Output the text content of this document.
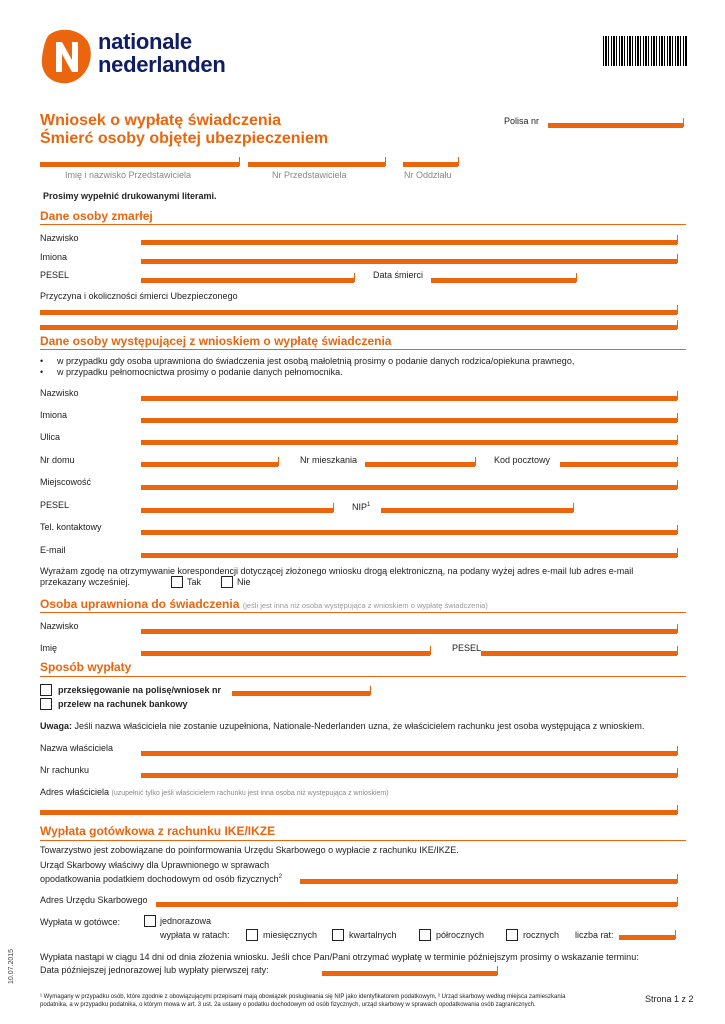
nationale
nederlanden
Wniosek o wypłatę świadczenia
Śmierć osoby objętej ubezpieczeniem
Polisa nr
Imię i nazwisko Przedstawiciela	Nr Przedstawiciela	Nr Oddziału
Prosimy wypełnić drukowanymi literami.
Dane osoby zmarłej
Nazwisko
Imiona
PESEL	Data śmierci
Przyczyna i okoliczności śmierci Ubezpieczonego
Dane osoby występującej z wnioskiem o wypłatę świadczenia
• w przypadku gdy osoba uprawniona do świadczenia jest osobą małoletnią prosimy o podanie danych rodzica/opiekuna prawnego,
• w przypadku pełnomocnictwa prosimy o podanie danych pełnomocnika.
Nazwisko
Imiona
Ulica
Nr domu	Nr mieszkania	Kod pocztowy
Miejscowość
PESEL	NIP$^1$
Tel. kontaktowy
E-mail
Wyrażam zgodę na otrzymywanie korespondencji dotyczącej złożonego wniosku drogą elektroniczną, na podany wyżej adres e-mail lub adres e-mail
przekazany wcześniej.	Tak	Nie
Osoba uprawniona do świadczenia (jeśli jest inna niż osoba występująca z wnioskiem o wypłatę świadczenia)
Nazwisko
Imię	PESEL
Sposób wypłaty
przeksięgowanie na polisę/wniosek nr
przelew na rachunek bankowy
Uwaga: Jeśli nazwa właściciela nie zostanie uzupełniona, Nationale-Nederlanden uzna, że właścicielem rachunku jest osoba występująca z wnioskiem.
Nazwa właściciela
Nr rachunku
Adres właściciela (uzupełnić tylko jeśli właścicielem rachunku jest inna osoba niż występująca z wnioskiem)
Wypłata gotówkowa z rachunku IKE/IKZE
Towarzystwo jest zobowiązane do poinformowania Urzędu Skarbowego o wypłacie z rachunku IKE/IKZE.
Urząd Skarbowy właściwy dla Uprawnionego w sprawach
opodatkowania podatkiem dochodowym od osób fizycznych$^2$
Adres Urzędu Skarbowego
Wypłata w gotówce:	jednorazowa
wypłata w ratach:	miesięcznych	kwartalnych	półrocznych	rocznych liczba rat:
Wypłata nastąpi w ciągu 14 dni od dnia złożenia wniosku. Jeśli chce Pan/Pani otrzymać wypłatę w terminie późniejszym prosimy o wskazanie terminu:
Data późniejszej jednorazowej lub wypłaty pierwszej raty:
¹ Wymagany w przypadku osób, które zgodnie z obowiązującymi przepisami mają obowiązek posługiwania się NIP jako identyfikatorem podatkowym, ² Urząd skarbowy według miejsca zamieszkania
podatnika, a w przypadku podatnika, o którym mowa w art. 3 ust. 2a ustawy o podatku dochodowym od osób fizycznych, urząd skarbowy w sprawach opodatkowania osób zagranicznych.
Strona 1 z 2
10.07.2015
